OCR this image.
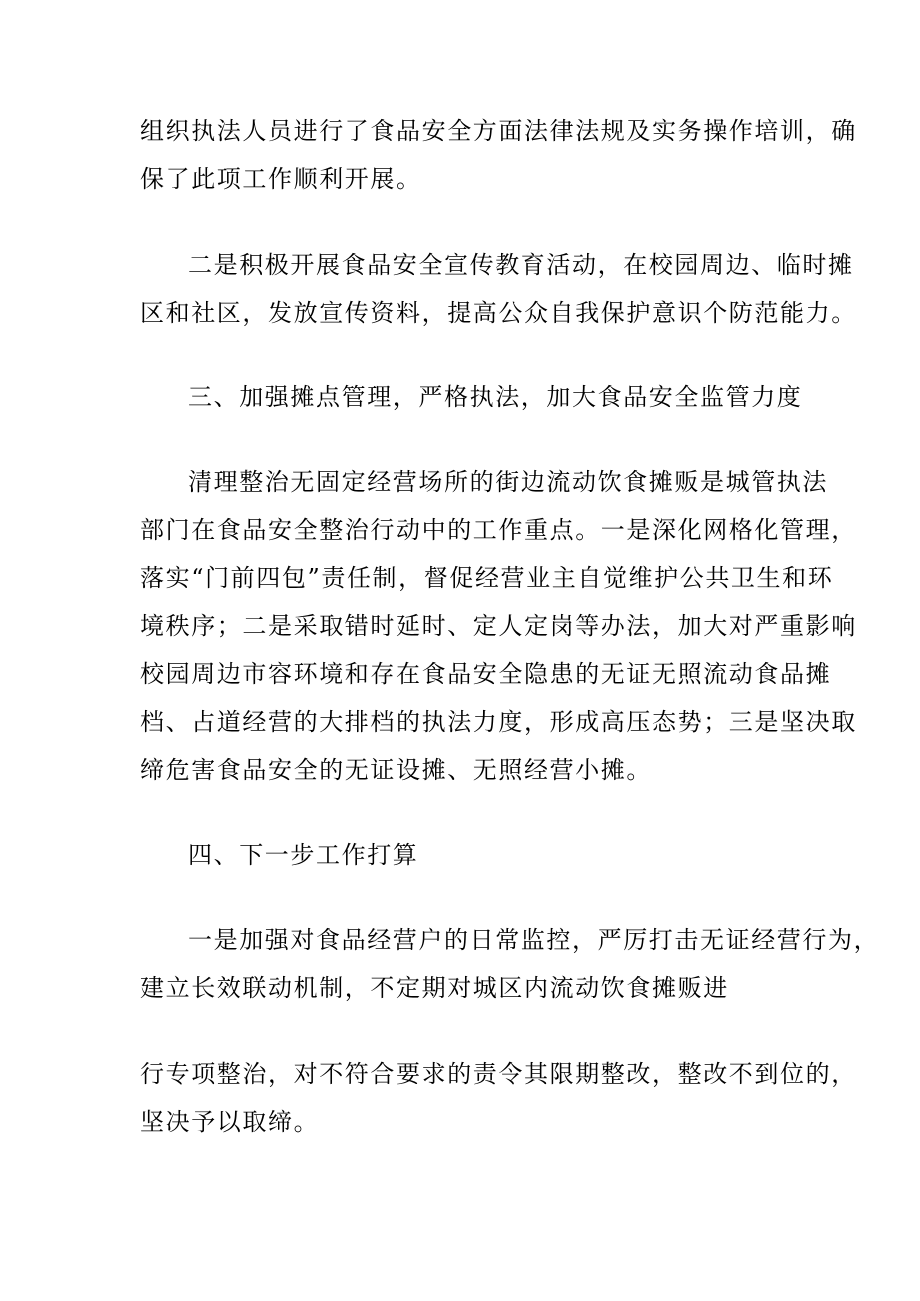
组织执法人员进行了食品安全方面法律法规及实务操作培训，确
保了此项工作顺利开展。
二是积极开展食品安全宣传教育活动，在校园周边、临时摊
区和社区，发放宣传资料，提高公众自我保护意识个防范能力。
三、加强摊点管理，严格执法，加大食品安全监管力度
清理整治无固定经营场所的街边流动饮食摊贩是城管执法
部门在食品安全整治行动中的工作重点。一是深化网格化管理，
落实“门前四包”责任制，督促经营业主自觉维护公共卫生和环
境秩序；二是采取错时延时、定人定岗等办法，加大对严重影响
校园周边市容环境和存在食品安全隐患的无证无照流动食品摊
档、占道经营的大排档的执法力度，形成高压态势；三是坚决取
缔危害食品安全的无证设摊、无照经营小摊。
四、下一步工作打算
一是加强对食品经营户的日常监控，严厉打击无证经营行为，
建立长效联动机制，不定期对城区内流动饮食摊贩进
行专项整治，对不符合要求的责令其限期整改，整改不到位的，
坚决予以取缔。
